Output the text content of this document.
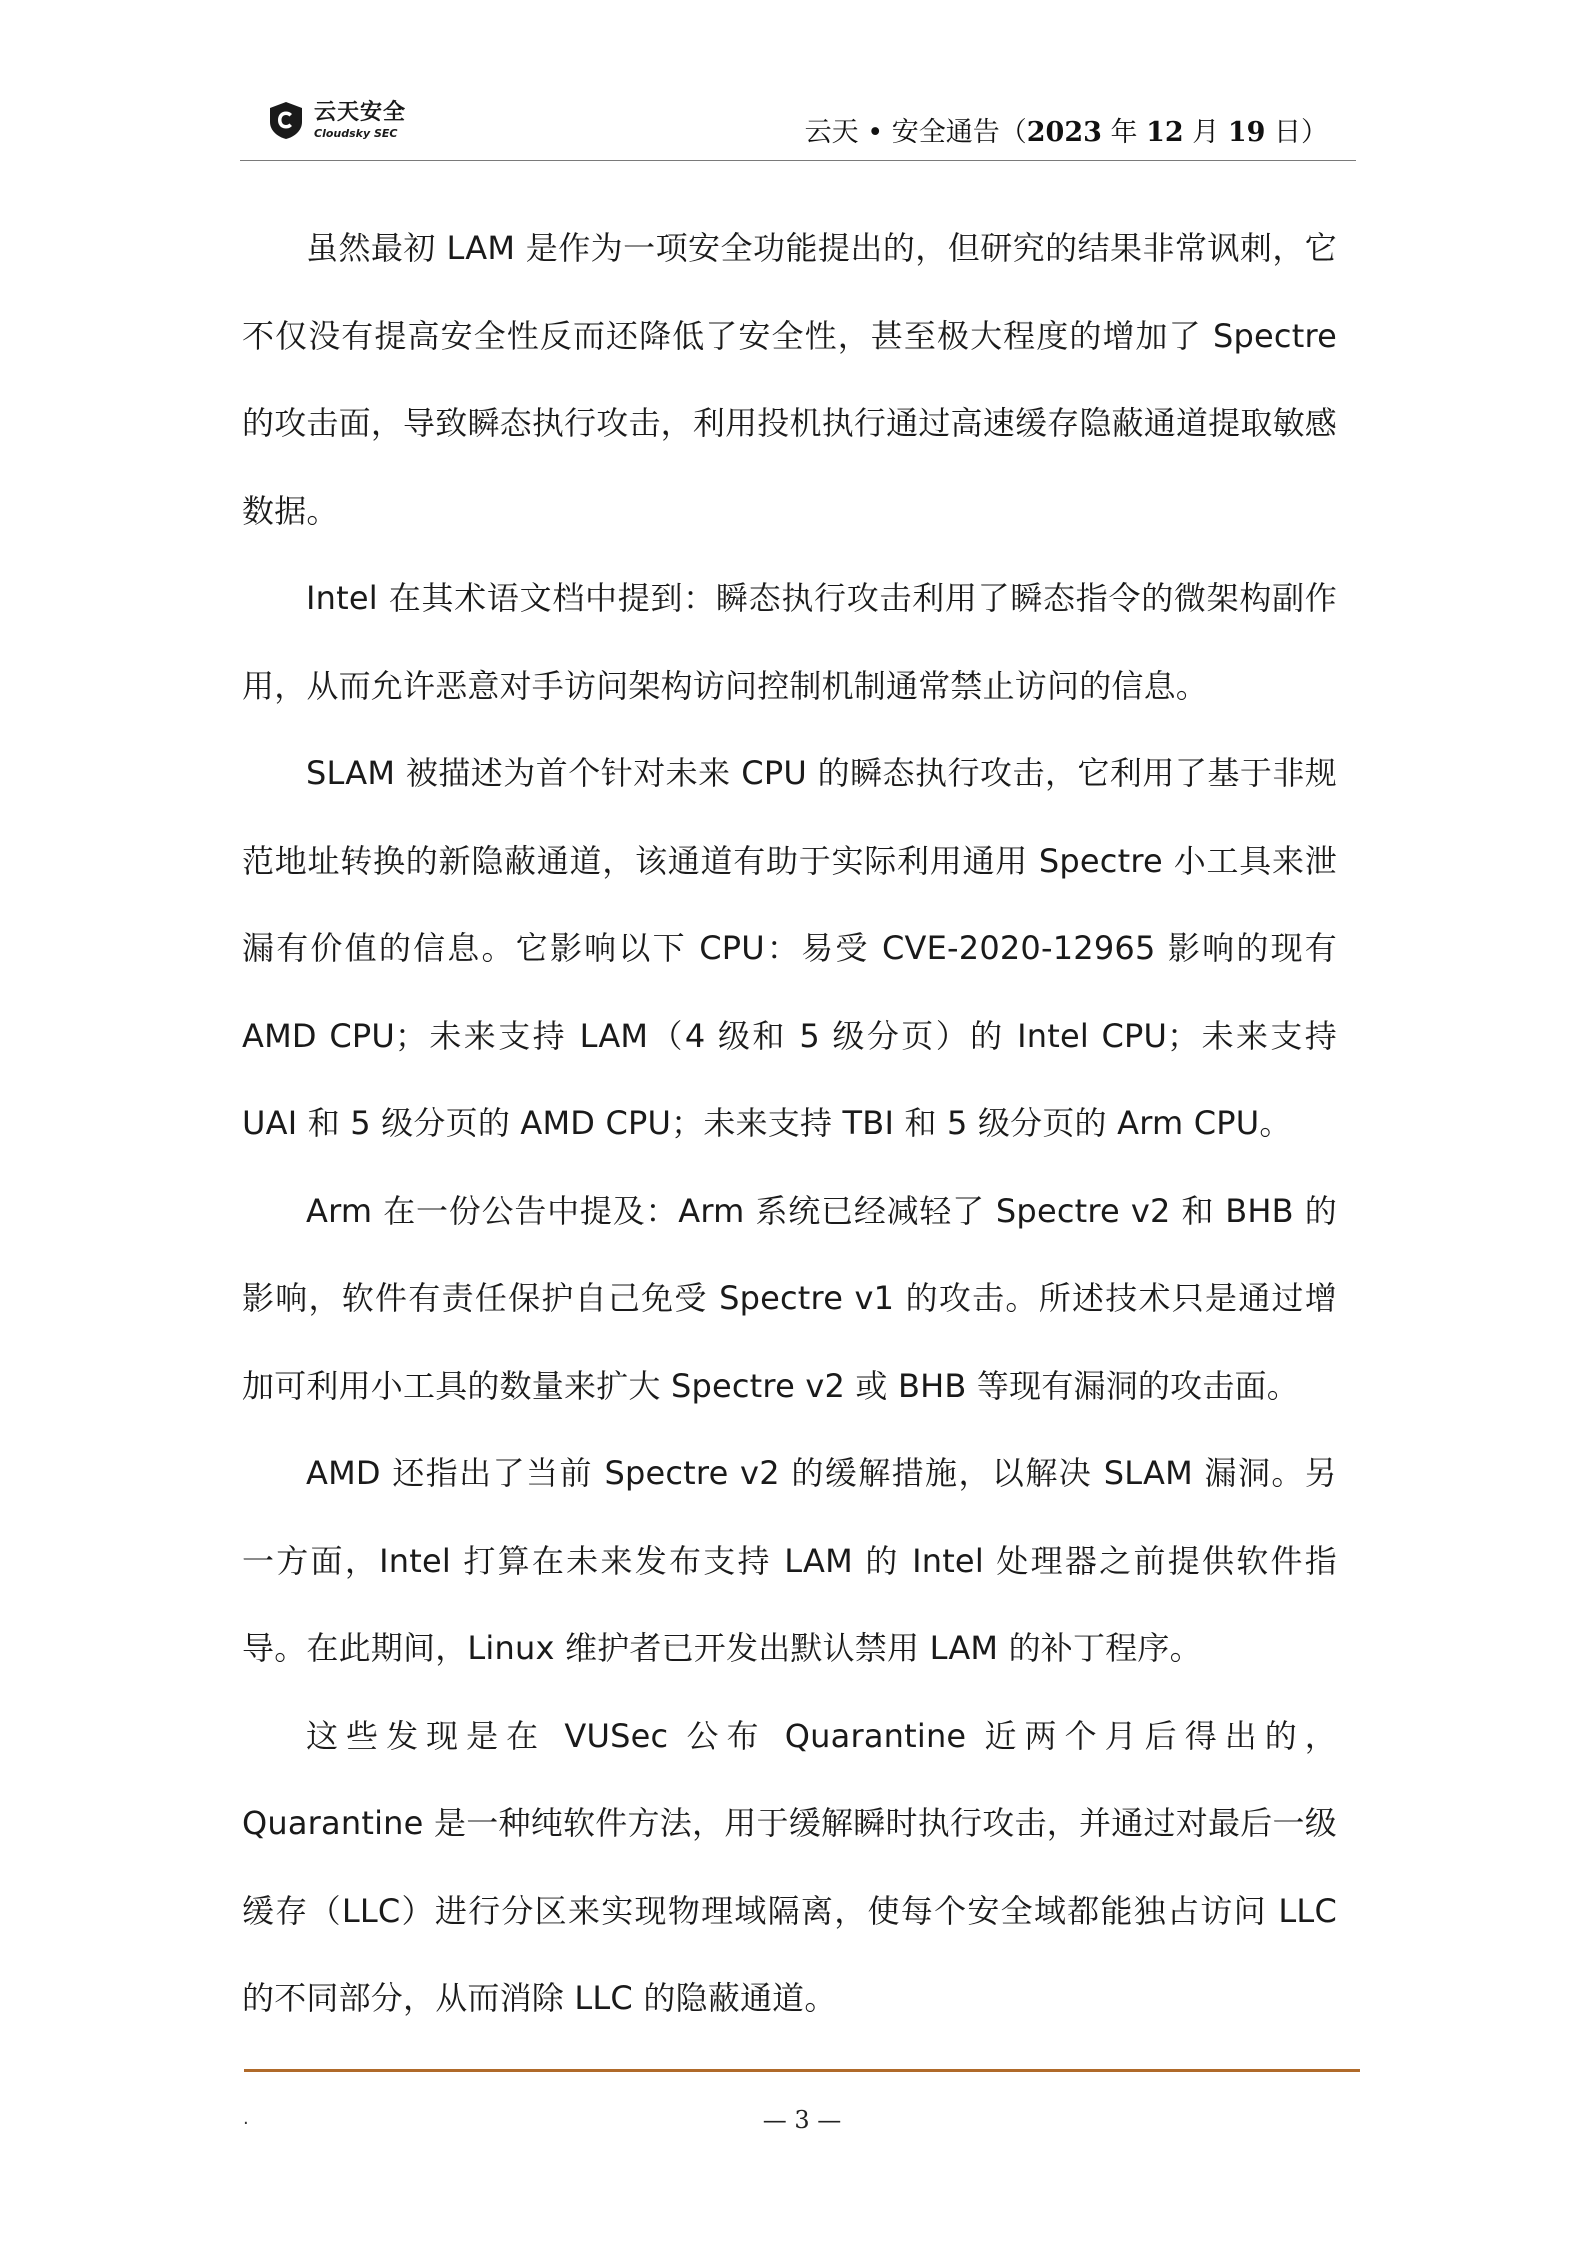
云天安全
Cloudsky SEC	云天 • 安全通告（2023 年 12 月 19 日）

虽然最初 LAM 是作为一项安全功能提出的，但研究的结果非常讽刺，它不仅没有提高安全性反而还降低了安全性，甚至极大程度的增加了 Spectre 的攻击面，导致瞬态执行攻击，利用投机执行通过高速缓存隐蔽通道提取敏感数据。

Intel 在其术语文档中提到：瞬态执行攻击利用了瞬态指令的微架构副作用，从而允许恶意对手访问架构访问控制机制通常禁止访问的信息。

SLAM 被描述为首个针对未来 CPU 的瞬态执行攻击，它利用了基于非规范地址转换的新隐蔽通道，该通道有助于实际利用通用 Spectre 小工具来泄漏有价值的信息。它影响以下 CPU：易受 CVE-2020-12965 影响的现有 AMD CPU；未来支持 LAM（4 级和 5 级分页）的 Intel CPU；未来支持 UAI 和 5 级分页的 AMD CPU；未来支持 TBI 和 5 级分页的 Arm CPU。

Arm 在一份公告中提及：Arm 系统已经减轻了 Spectre v2 和 BHB 的影响，软件有责任保护自己免受 Spectre v1 的攻击。所述技术只是通过增加可利用小工具的数量来扩大 Spectre v2 或 BHB 等现有漏洞的攻击面。

AMD 还指出了当前 Spectre v2 的缓解措施，以解决 SLAM 漏洞。另一方面，Intel 打算在未来发布支持 LAM 的 Intel 处理器之前提供软件指导。在此期间，Linux 维护者已开发出默认禁用 LAM 的补丁程序。

这些发现是在 VUSec 公布 Quarantine 近两个月后得出的，Quarantine 是一种纯软件方法，用于缓解瞬时执行攻击，并通过对最后一级缓存（LLC）进行分区来实现物理域隔离，使每个安全域都能独占访问 LLC 的不同部分，从而消除 LLC 的隐蔽通道。

.	— 3 —
